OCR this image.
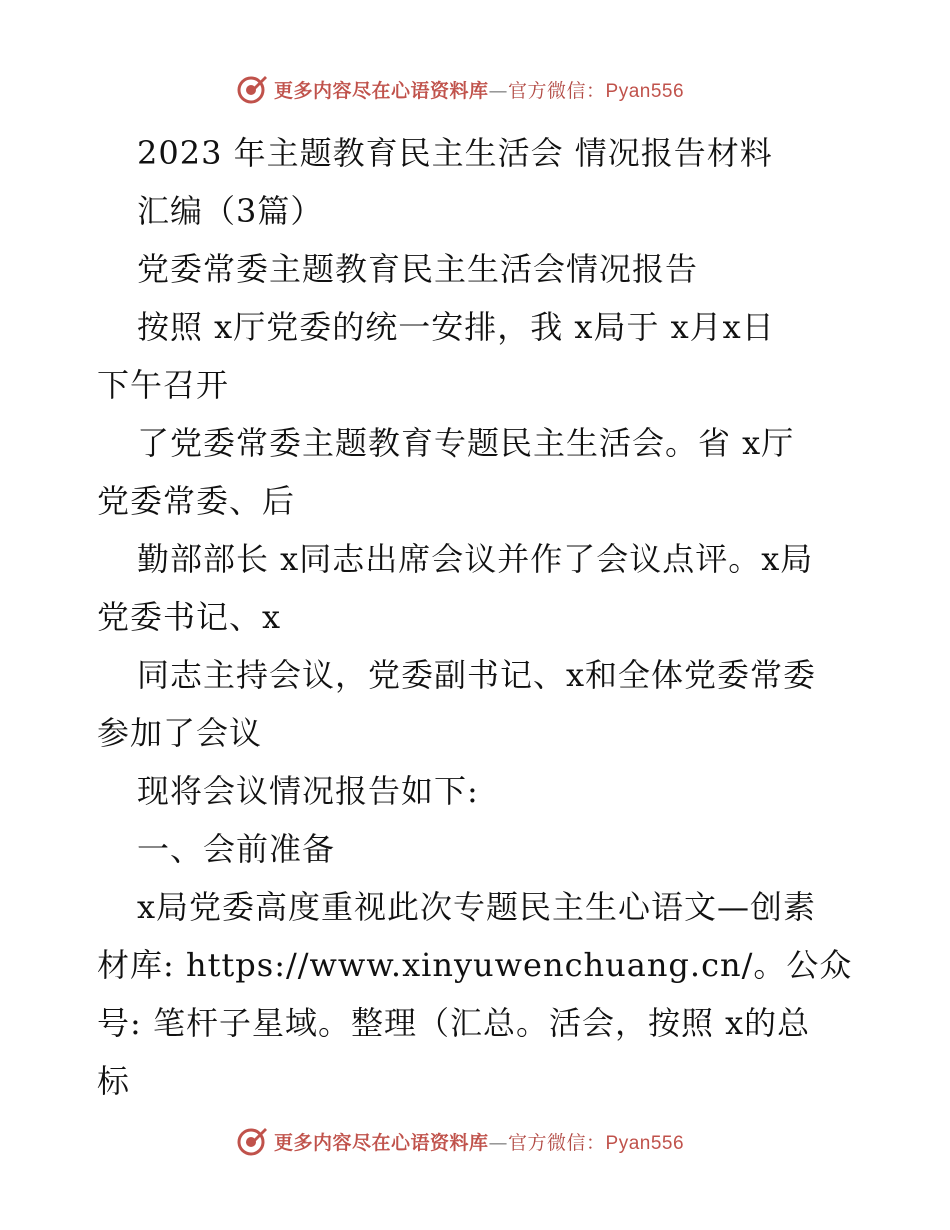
更多内容尽在心语资料库—官方微信：Pyan556
2023 年主题教育民主生活会 情况报告材料
汇编（3篇）
党委常委主题教育民主生活会情况报告
按照 x厅党委的统一安排，我 x局于 x月x日
下午召开
了党委常委主题教育专题民主生活会。省 x厅
党委常委、后
勤部部长 x同志出席会议并作了会议点评。x局
党委书记、x
同志主持会议，党委副书记、x和全体党委常委
参加了会议
现将会议情况报告如下:
一、会前准备
x局党委高度重视此次专题民主生心语文—创素
材库: https://www.xinyuwenchuang.cn/。公众
号: 笔杆子星域。整理（汇总。活会，按照 x的总
标
更多内容尽在心语资料库—官方微信：Pyan556
